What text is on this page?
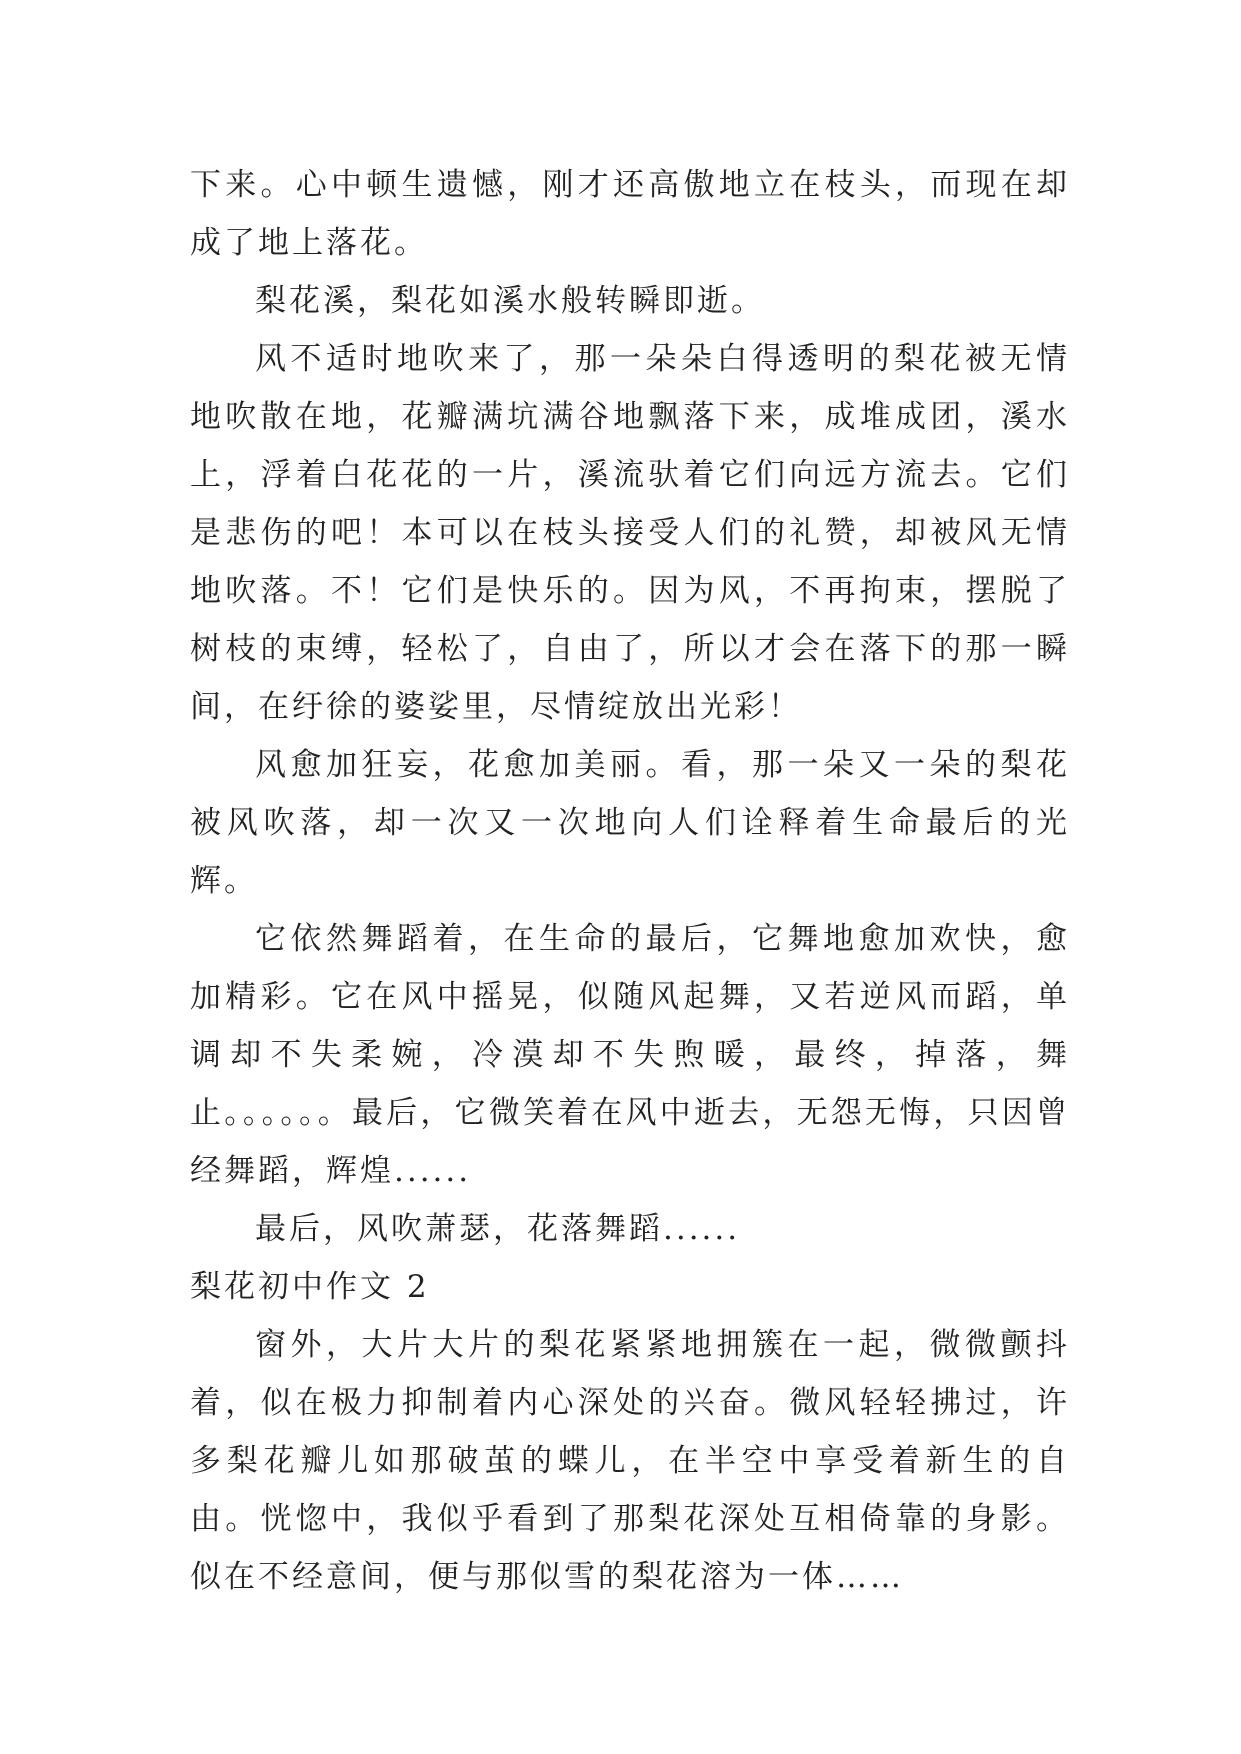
下来。心中顿生遗憾，刚才还高傲地立在枝头，而现在却成了地上落花。

梨花溪，梨花如溪水般转瞬即逝。

风不适时地吹来了，那一朵朵白得透明的梨花被无情地吹散在地，花瓣满坑满谷地飘落下来，成堆成团，溪水上，浮着白花花的一片，溪流驮着它们向远方流去。它们是悲伤的吧！本可以在枝头接受人们的礼赞，却被风无情地吹落。不！它们是快乐的。因为风，不再拘束，摆脱了树枝的束缚，轻松了，自由了，所以才会在落下的那一瞬间，在纡徐的婆娑里，尽情绽放出光彩！

风愈加狂妄，花愈加美丽。看，那一朵又一朵的梨花被风吹落，却一次又一次地向人们诠释着生命最后的光辉。

它依然舞蹈着，在生命的最后，它舞地愈加欢快，愈加精彩。它在风中摇晃，似随风起舞，又若逆风而蹈，单调却不失柔婉，冷漠却不失煦暖，最终，掉落，舞止。。。。。。最后，它微笑着在风中逝去，无怨无悔，只因曾经舞蹈，辉煌......

最后，风吹萧瑟，花落舞蹈......

梨花初中作文 2

窗外，大片大片的梨花紧紧地拥簇在一起，微微颤抖着，似在极力抑制着内心深处的兴奋。微风轻轻拂过，许多梨花瓣儿如那破茧的蝶儿，在半空中享受着新生的自由。恍惚中，我似乎看到了那梨花深处互相倚靠的身影。似在不经意间，便与那似雪的梨花溶为一体……
